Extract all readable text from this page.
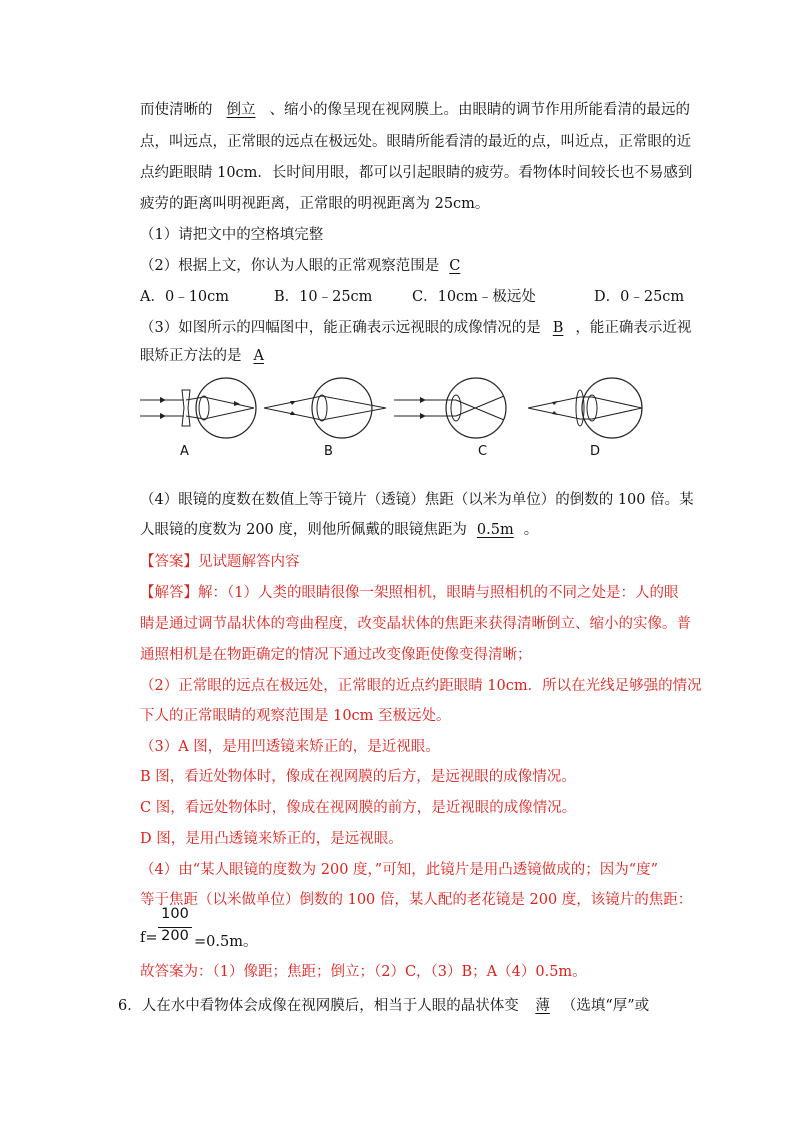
而使清晰的 倒立 、缩小的像呈现在视网膜上。由眼睛的调节作用所能看清的最远的
点，叫远点，正常眼的远点在极远处。眼睛所能看清的最近的点，叫近点，正常眼的近
点约距眼睛 10cm．长时间用眼，都可以引起眼睛的疲劳。看物体时间较长也不易感到
疲劳的距离叫明视距离，正常眼的明视距离为 25cm。
（1）请把文中的空格填完整
（2）根据上文，你认为人眼的正常观察范围是 C
A．0﹣10cm	B．10﹣25cm	C．10cm﹣极远处	D．0﹣25cm
（3）如图所示的四幅图中，能正确表示远视眼的成像情况的是 B ，能正确表示近视
眼矫正方法的是 A
A	B	C	D
（4）眼镜的度数在数值上等于镜片（透镜）焦距（以米为单位）的倒数的 100 倍。某
人眼镜的度数为 200 度，则他所佩戴的眼镜焦距为 0.5m 。
【答案】见试题解答内容
【解答】解：（1）人类的眼睛很像一架照相机，眼睛与照相机的不同之处是：人的眼
睛是通过调节晶状体的弯曲程度，改变晶状体的焦距来获得清晰倒立、缩小的实像。普
通照相机是在物距确定的情况下通过改变像距使像变得清晰；
（2）正常眼的远点在极远处，正常眼的近点约距眼睛 10cm．所以在光线足够强的情况
下人的正常眼睛的观察范围是 10cm 至极远处。
（3）A 图，是用凹透镜来矫正的，是近视眼。
B 图，看近处物体时，像成在视网膜的后方，是远视眼的成像情况。
C 图，看远处物体时，像成在视网膜的前方，是近视眼的成像情况。
D 图，是用凸透镜来矫正的，是远视眼。
（4）由“某人眼镜的度数为 200 度，”可知，此镜片是用凸透镜做成的；因为“度”
等于焦距（以米做单位）倒数的 100 倍，某人配的老花镜是 200 度，该镜片的焦距：
100
200
f=	=0.5m。
故答案为：（1）像距；焦距；倒立；（2）C，（3）B；A（4）0.5m。
6．人在水中看物体会成像在视网膜后，相当于人眼的晶状体变 薄 （选填“厚”或
